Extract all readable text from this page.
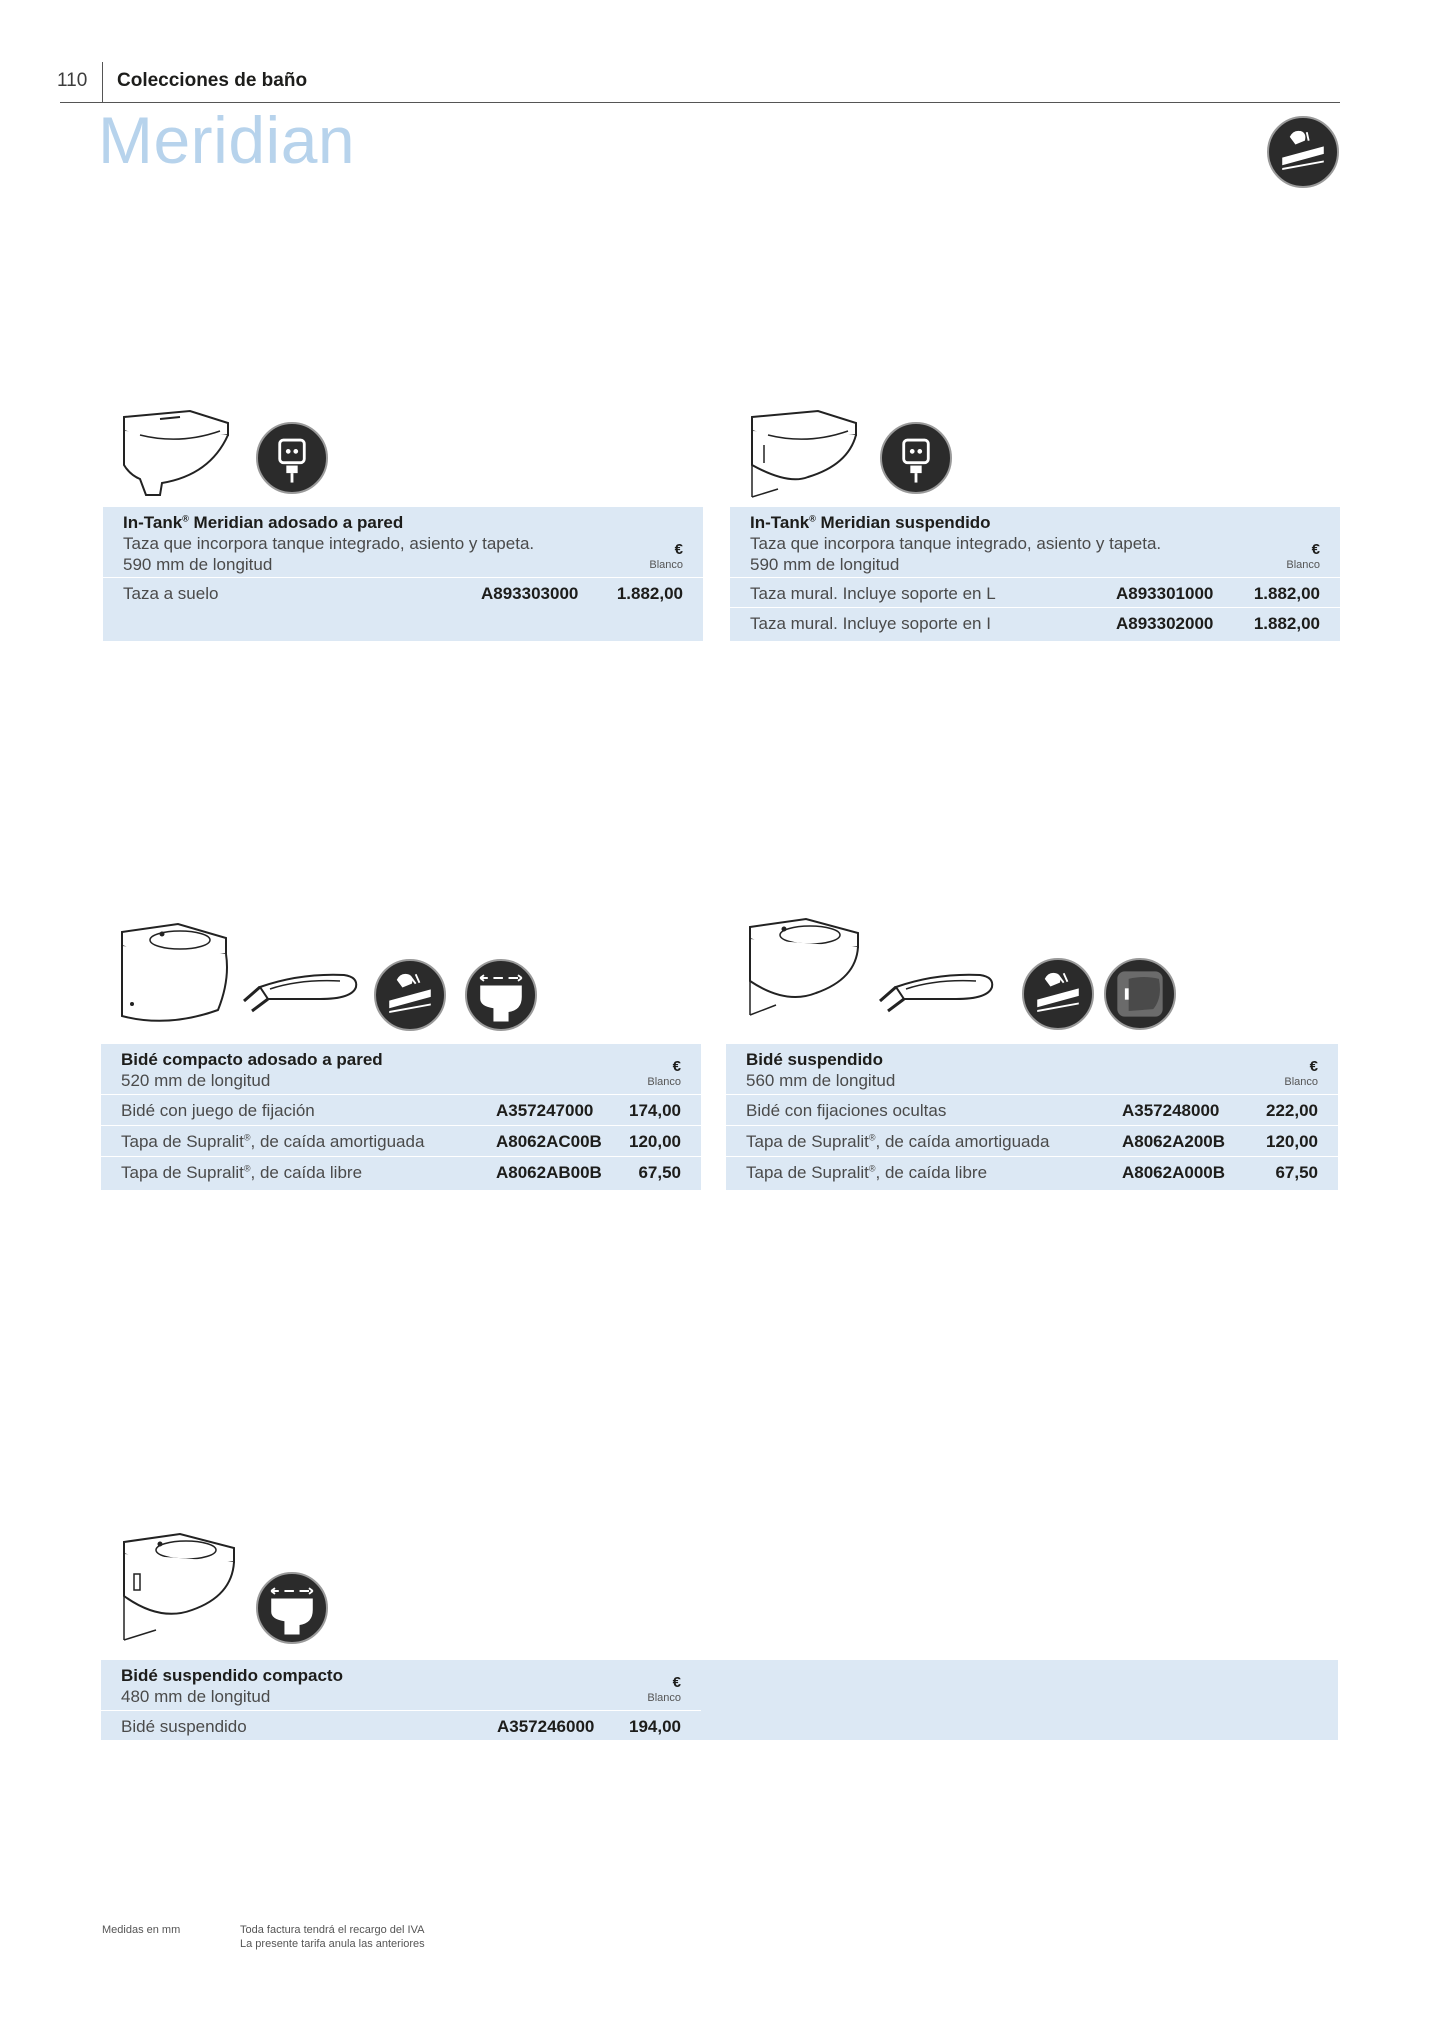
110 Colecciones de baño
Meridian
In-Tank® Meridian adosado a pared
Taza que incorpora tanque integrado, asiento y tapeta.
590 mm de longitud
€
Blanco
Taza a suelo	A893303000 1.882,00
In-Tank® Meridian suspendido
Taza que incorpora tanque integrado, asiento y tapeta.
590 mm de longitud
€
Blanco
Taza mural. Incluye soporte en L	A893301000 1.882,00
Taza mural. Incluye soporte en I	A893302000 1.882,00
Bidé compacto adosado a pared
520 mm de longitud
€
Blanco
Bidé con juego de fijación	A357247000 174,00
Tapa de Supralit®, de caída amortiguada	A8062AC00B 120,00
Tapa de Supralit®, de caída libre	A8062AB00B 67,50
Bidé suspendido
560 mm de longitud
€
Blanco
Bidé con fijaciones ocultas	A357248000	222,00
Tapa de Supralit®, de caída amortiguada	A8062A200B 120,00
Tapa de Supralit®, de caída libre	A8062A000B	67,50
Bidé suspendido compacto
480 mm de longitud
€
Blanco
Bidé suspendido	A357246000 194,00
Medidas en mm	Toda factura tendrá el recargo del IVA
La presente tarifa anula las anteriores
